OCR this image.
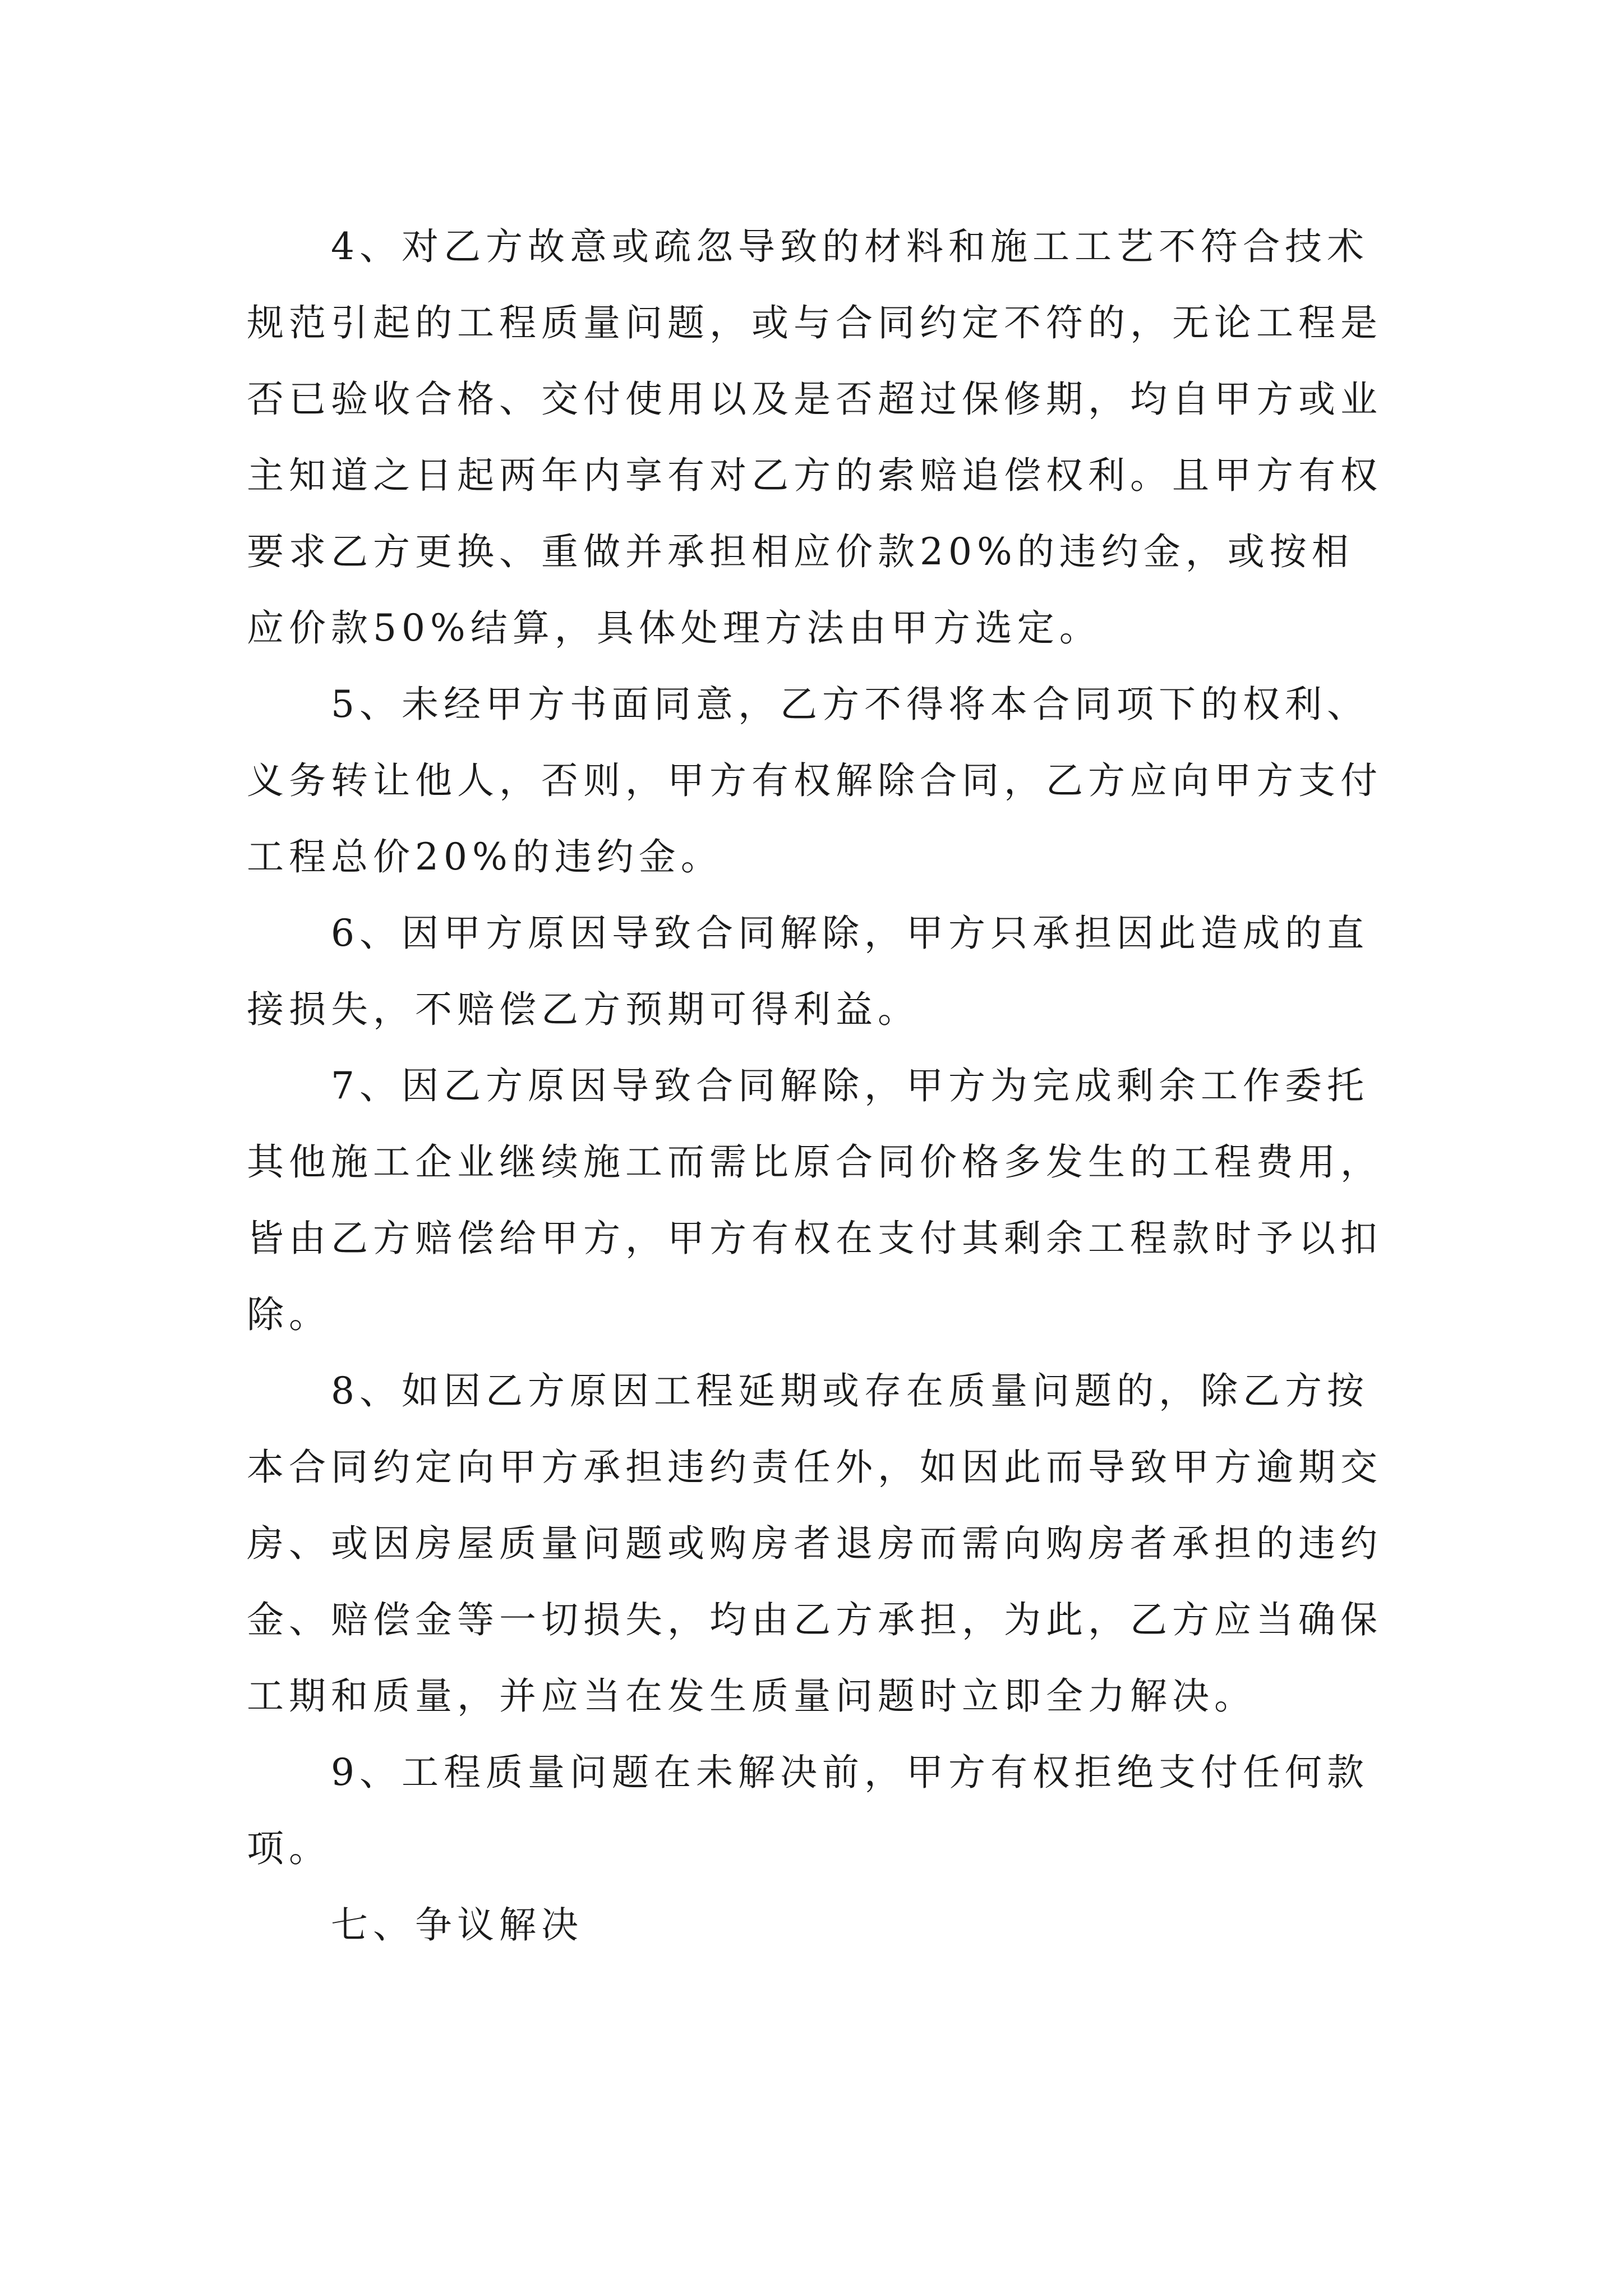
4、对乙方故意或疏忽导致的材料和施工工艺不符合技术规范引起的工程质量问题，或与合同约定不符的，无论工程是否已验收合格、交付使用以及是否超过保修期，均自甲方或业主知道之日起两年内享有对乙方的索赔追偿权利。且甲方有权要求乙方更换、重做并承担相应价款20%的违约金，或按相应价款50%结算，具体处理方法由甲方选定。

5、未经甲方书面同意，乙方不得将本合同项下的权利、义务转让他人，否则，甲方有权解除合同，乙方应向甲方支付工程总价20%的违约金。

6、因甲方原因导致合同解除，甲方只承担因此造成的直接损失，不赔偿乙方预期可得利益。

7、因乙方原因导致合同解除，甲方为完成剩余工作委托其他施工企业继续施工而需比原合同价格多发生的工程费用，皆由乙方赔偿给甲方，甲方有权在支付其剩余工程款时予以扣除。

8、如因乙方原因工程延期或存在质量问题的，除乙方按本合同约定向甲方承担违约责任外，如因此而导致甲方逾期交房、或因房屋质量问题或购房者退房而需向购房者承担的违约金、赔偿金等一切损失，均由乙方承担，为此，乙方应当确保工期和质量，并应当在发生质量问题时立即全力解决。

9、工程质量问题在未解决前，甲方有权拒绝支付任何款项。

七、争议解决
